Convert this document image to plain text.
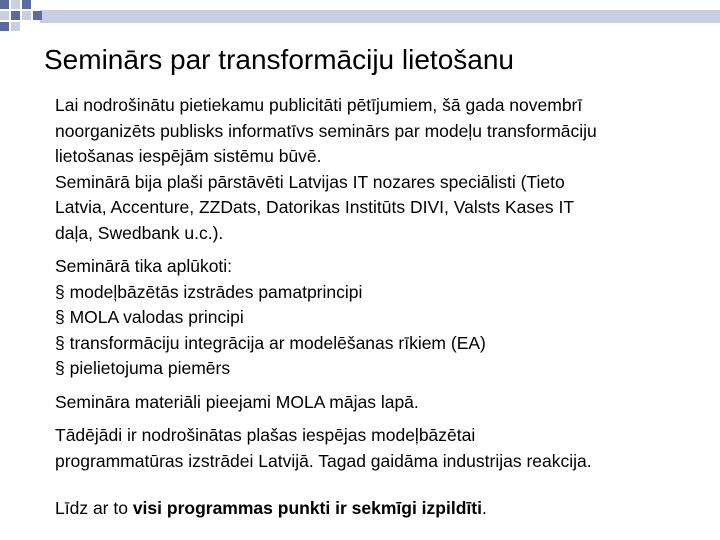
Seminārs par transformāciju lietošanu

Lai nodrošinātu pietiekamu publicitāti pētījumiem, šā gada novembrī

noorganizēts publisks informatīvs seminārs par modeļu transformāciju

lietošanas iespējām sistēmu būvē.

Seminārā bija plaši pārstāvēti Latvijas IT nozares speciālisti (Tieto

Latvia, Accenture, ZZDats, Datorikas Institūts DIVI, Valsts Kases IT

daļa, Swedbank u.c.).

Seminārā tika aplūkoti:

§ modeļbāzētās izstrādes pamatprincipi

§ MOLA valodas principi

§ transformāciju integrācija ar modelēšanas rīkiem (EA)

§ pielietojuma piemērs

Semināra materiāli pieejami MOLA mājas lapā.

Tādējādi ir nodrošinātas plašas iespējas modeļbāzētai

programmatūras izstrādei Latvijā. Tagad gaidāma industrijas reakcija.

Līdz ar to visi programmas punkti ir sekmīgi izpildīti.
